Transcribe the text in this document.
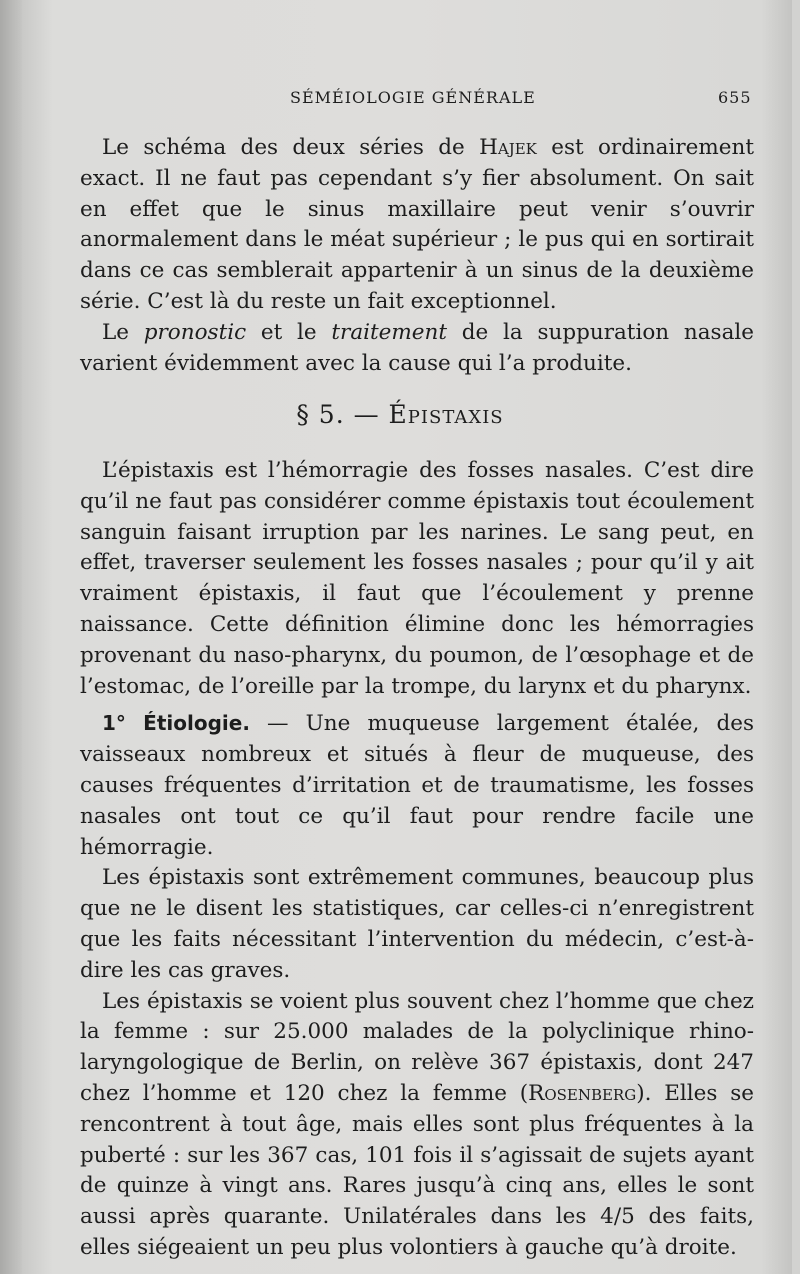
SÉMÉIOLOGIE GÉNÉRALE	655

Le schéma des deux séries de Hajek est ordinairement exact. Il ne faut pas cependant s’y fier absolument. On sait en effet que le sinus maxillaire peut venir s’ouvrir anormalement dans le méat supérieur ; le pus qui en sortirait dans ce cas semblerait appartenir à un sinus de la deuxième série. C’est là du reste un fait exceptionnel.

Le pronostic et le traitement de la suppuration nasale varient évidemment avec la cause qui l’a produite.

§ 5. — Épistaxis

L’épistaxis est l’hémorragie des fosses nasales. C’est dire qu’il ne faut pas considérer comme épistaxis tout écoulement sanguin faisant irruption par les narines. Le sang peut, en effet, traverser seulement les fosses nasales ; pour qu’il y ait vraiment épistaxis, il faut que l’écoulement y prenne naissance. Cette définition élimine donc les hémorragies provenant du naso-pharynx, du poumon, de l’œsophage et de l’estomac, de l’oreille par la trompe, du larynx et du pharynx.

1° Étiologie. — Une muqueuse largement étalée, des vaisseaux nombreux et situés à fleur de muqueuse, des causes fréquentes d’irritation et de traumatisme, les fosses nasales ont tout ce qu’il faut pour rendre facile une hémorragie.

Les épistaxis sont extrêmement communes, beaucoup plus que ne le disent les statistiques, car celles-ci n’enregistrent que les faits nécessitant l’intervention du médecin, c’est-à-dire les cas graves.

Les épistaxis se voient plus souvent chez l’homme que chez la femme : sur 25.000 malades de la polyclinique rhino-laryngologique de Berlin, on relève 367 épistaxis, dont 247 chez l’homme et 120 chez la femme (Rosenberg). Elles se rencontrent à tout âge, mais elles sont plus fréquentes à la puberté : sur les 367 cas, 101 fois il s’agissait de sujets ayant de quinze à vingt ans. Rares jusqu’à cinq ans, elles le sont aussi après quarante. Unilatérales dans les 4/5 des faits, elles siégeaient un peu plus volontiers à gauche qu’à droite.
